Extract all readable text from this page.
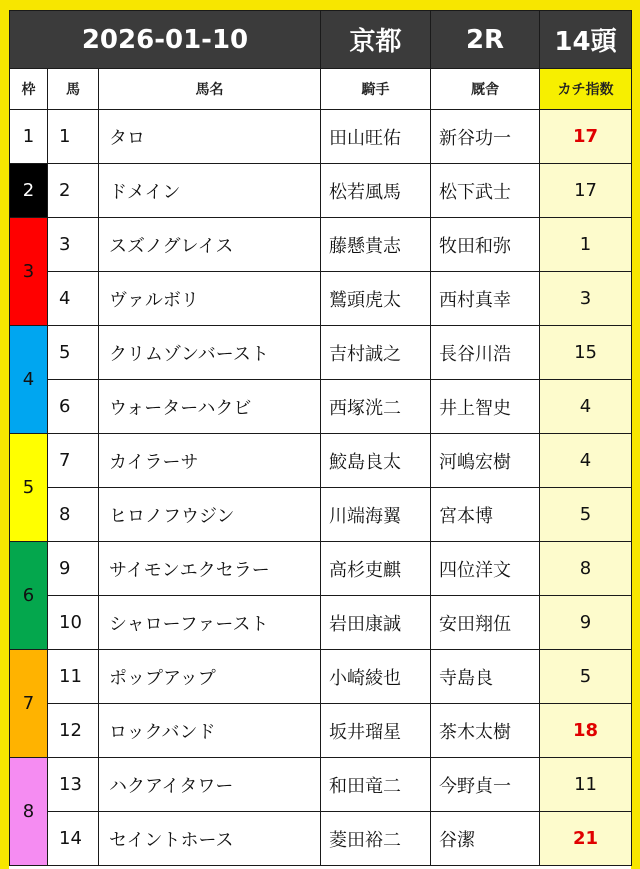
2026-01-10			京都	2R	14頭
枠	馬	馬名	騎手	厩舎	カチ指数
1	1	タロ	田山旺佑	新谷功一	17
2	2	ドメイン	松若風馬	松下武士	17
3	3	スズノグレイス	藤懸貴志	牧田和弥	1
	4	ヴァルボリ	鷲頭虎太	西村真幸	3
4	5	クリムゾンバースト	吉村誠之	長谷川浩	15
	6	ウォーターハクビ	西塚洸二	井上智史	4
5	7	カイラーサ	鮫島良太	河嶋宏樹	4
	8	ヒロノフウジン	川端海翼	宮本博	5
6	9	サイモンエクセラー	高杉吏麒	四位洋文	8
	10	シャローファースト	岩田康誠	安田翔伍	9
7	11	ポップアップ	小崎綾也	寺島良	5
	12	ロックバンド	坂井瑠星	茶木太樹	18
8	13	ハクアイタワー	和田竜二	今野貞一	11
	14	セイントホース	菱田裕二	谷潔	21
